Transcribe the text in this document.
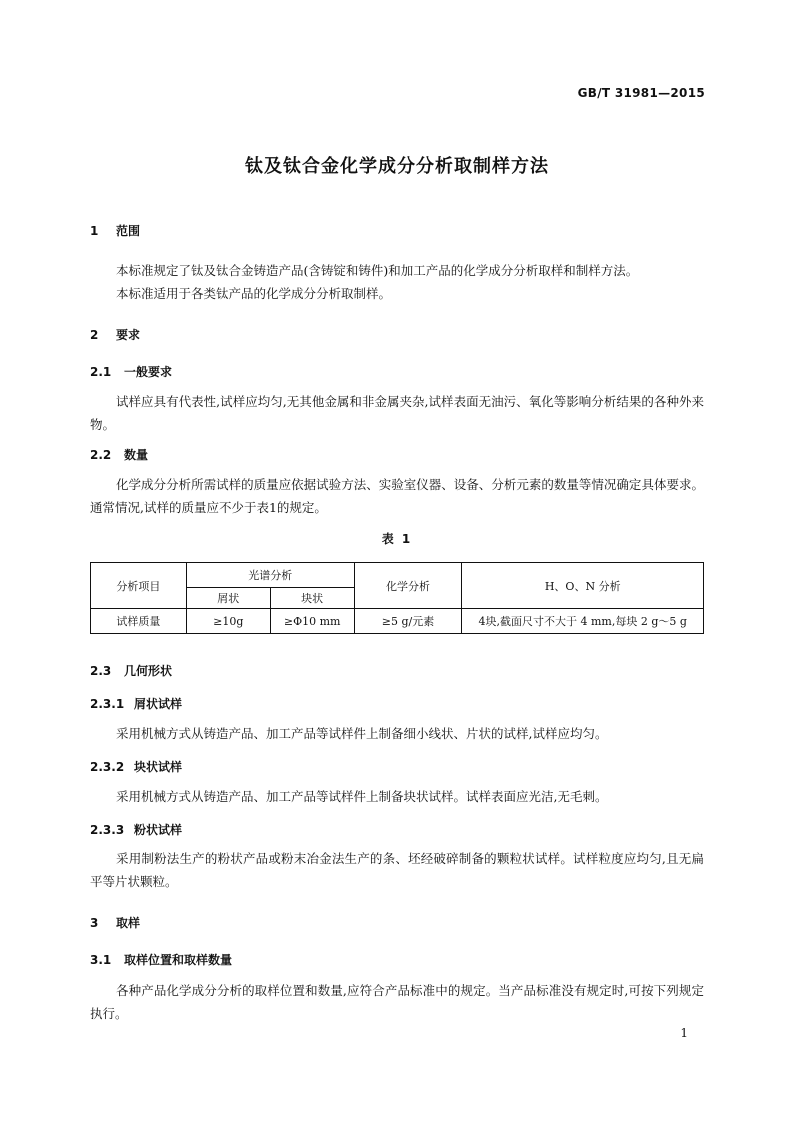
GB/T 31981—2015
钛及钛合金化学成分分析取制样方法
1 范围
本标准规定了钛及钛合金铸造产品(含铸锭和铸件)和加工产品的化学成分分析取样和制样方法。
本标准适用于各类钛产品的化学成分分析取制样。
2 要求
2.1 一般要求
试样应具有代表性,试样应均匀,无其他金属和非金属夹杂,试样表面无油污、氧化等影响分析结果的各种外来物。
2.2 数量
化学成分分析所需试样的质量应依据试验方法、实验室仪器、设备、分析元素的数量等情况确定具体要求。通常情况,试样的质量应不少于表1的规定。
表 1
分析项目	光谱分析		化学分析	H、O、N 分析
	屑状	块状		
试样质量	≥10g	≥Φ10 mm	≥5 g/元素	4块,截面尺寸不大于 4 mm,每块 2 g～5 g
2.3 几何形状
2.3.1 屑状试样
采用机械方式从铸造产品、加工产品等试样件上制备细小线状、片状的试样,试样应均匀。
2.3.2 块状试样
采用机械方式从铸造产品、加工产品等试样件上制备块状试样。试样表面应光洁,无毛刺。
2.3.3 粉状试样
采用制粉法生产的粉状产品或粉末冶金法生产的条、坯经破碎制备的颗粒状试样。试样粒度应均匀,且无扁平等片状颗粒。
3 取样
3.1 取样位置和取样数量
各种产品化学成分分析的取样位置和数量,应符合产品标准中的规定。当产品标准没有规定时,可按下列规定执行。
1
